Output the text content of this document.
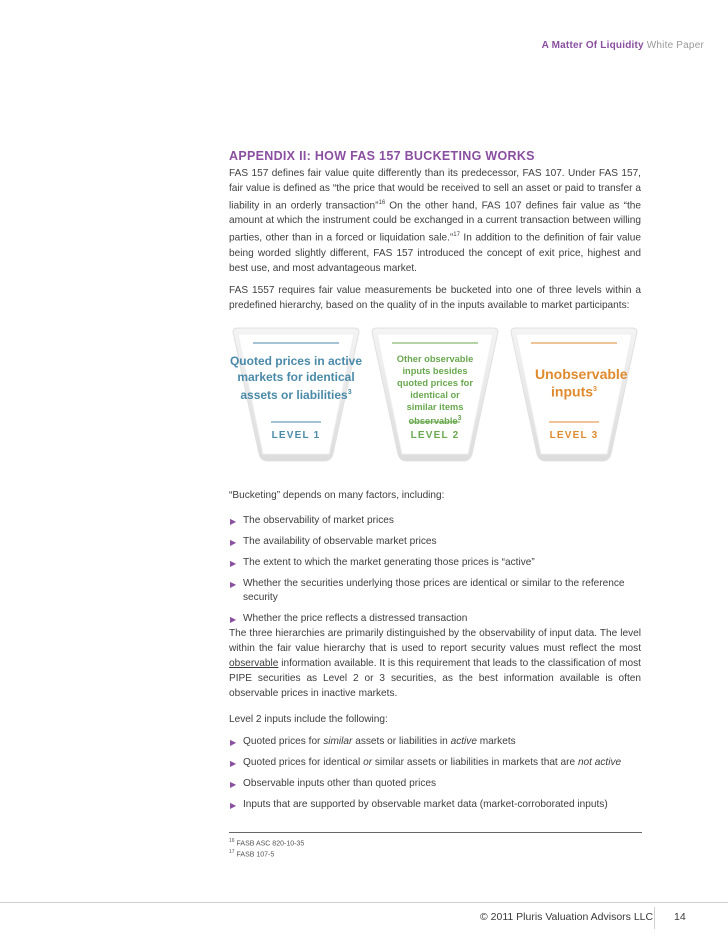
A Matter Of Liquidity White Paper
APPENDIX II: HOW FAS 157 BUCKETING WORKS

FAS 157 defines fair value quite differently than its predecessor, FAS 107. Under FAS 157, fair value is defined as “the price that would be received to sell an asset or paid to transfer a liability in an orderly transaction”$^{16}$ On the other hand, FAS 107 defines fair value as “the amount at which the instrument could be exchanged in a current transaction between willing parties, other than in a forced or liquidation sale.”$^{17}$ In addition to the definition of fair value being worded slightly different, FAS 157 introduced the concept of exit price, highest and best use, and most advantageous market.

FAS 1557 requires fair value measurements be bucketed into one of three levels within a predefined hierarchy, based on the quality of in the inputs available to market participants:

Quoted prices in active markets for identical assets or liabilities$^3$
LEVEL 1
Other observable inputs besides quoted prices for identical or similar items observable$^3$
LEVEL 2
Unobservable inputs$^3$
LEVEL 3
“Bucketing” depends on many factors, including:
▶ The observability of market prices
▶ The availability of observable market prices
▶ The extent to which the market generating those prices is “active”
▶ Whether the securities underlying those prices are identical or similar to the reference security
▶ Whether the price reflects a distressed transaction

The three hierarchies are primarily distinguished by the observability of input data. The level within the fair value hierarchy that is used to report security values must reflect the most observable information available. It is this requirement that leads to the classification of most PIPE securities as Level 2 or 3 securities, as the best information available is often observable prices in inactive markets.

Level 2 inputs include the following:

▶ Quoted prices for similar assets or liabilities in active markets
▶ Quoted prices for identical or similar assets or liabilities in markets that are not active
▶ Observable inputs other than quoted prices
▶ Inputs that are supported by observable market data (market-corroborated inputs)
$^{16}$ FASB ASC 820-10-35
$^{17}$ FASB 107-5
© 2011 Pluris Valuation Advisors LLC 14
